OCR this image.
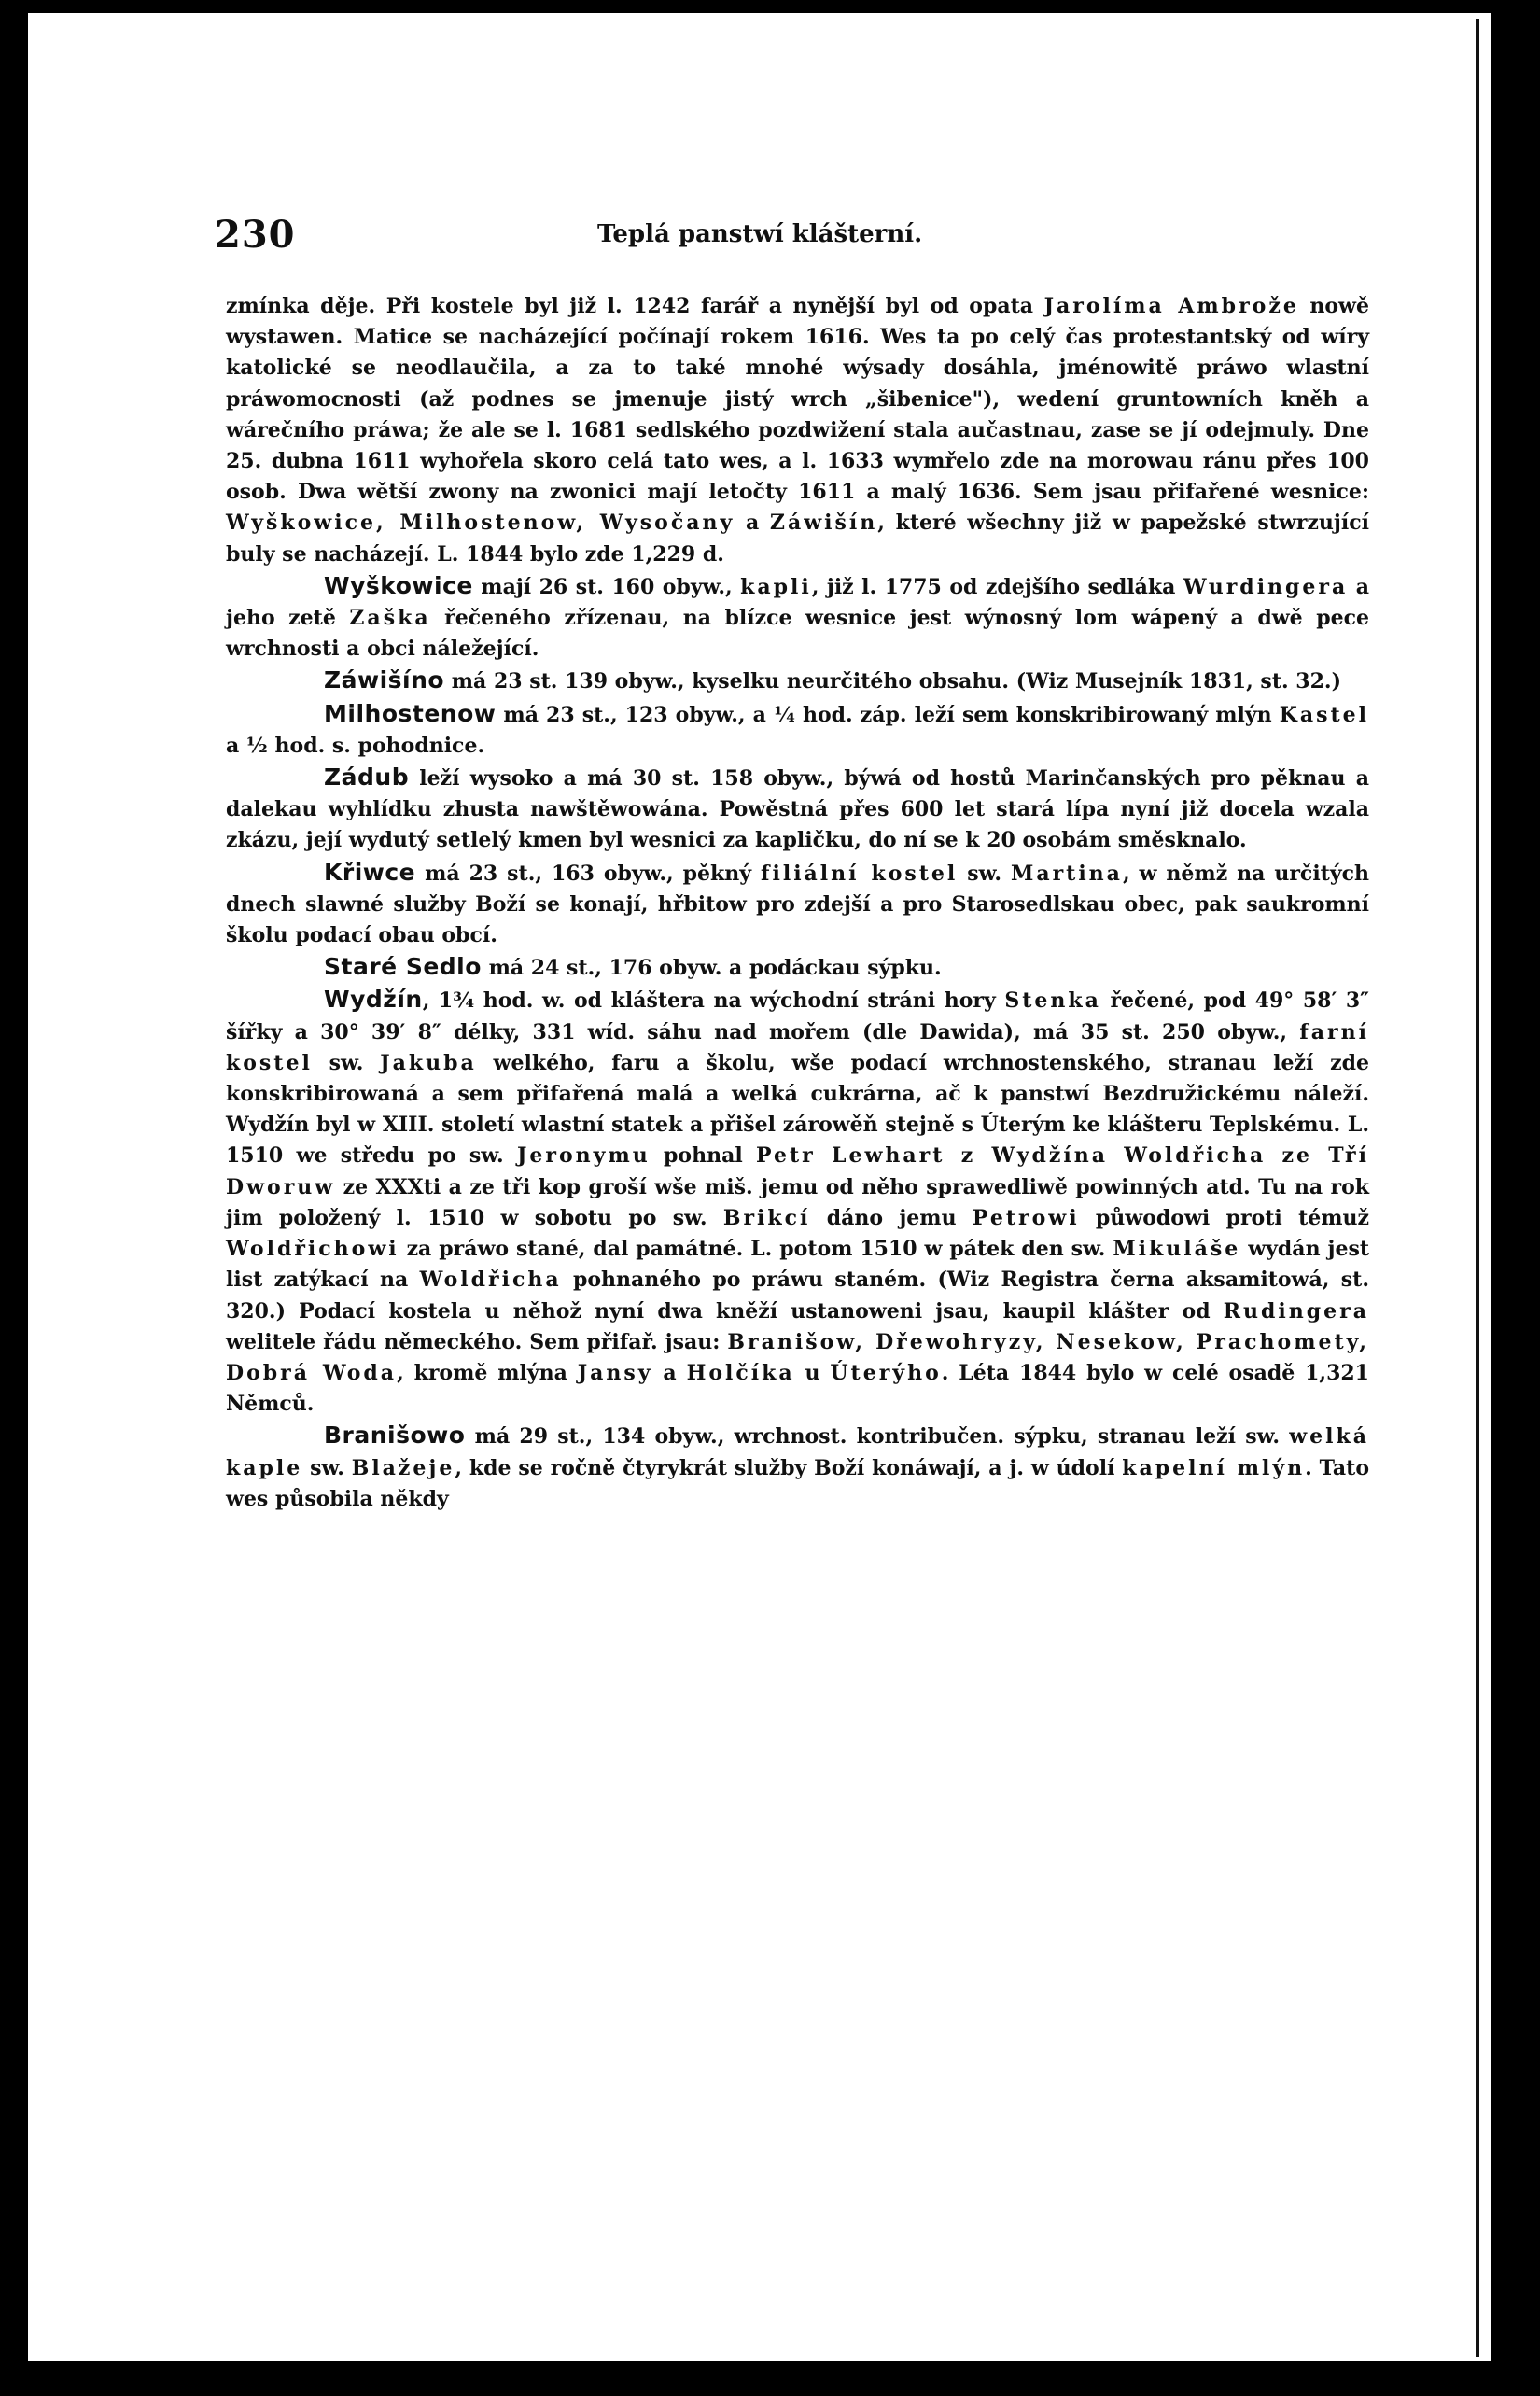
230	Teplá panstwí klášterní.

zmínka děje. Při kostele byl již l. 1242 farář a nynější byl od opata Jarolíma Ambrože nowě wystawen. Matice se nacházející počínají rokem 1616. Wes ta po celý čas protestantský od wíry katolické se neodlaučila, a za to také mnohé wýsady dosáhla, jménowitě práwo wlastní práwomocnosti (až podnes se jmenuje jistý wrch „šibenice"), wedení gruntowních kněh a wárečního práwa; že ale se l. 1681 sedlského pozdwižení stala aučastnau, zase se jí odejmuly. Dne 25. dubna 1611 wyhořela skoro celá tato wes, a l. 1633 wymřelo zde na morowau ránu přes 100 osob. Dwa wětší zwony na zwonici mají letočty 1611 a malý 1636. Sem jsau přifařené wesnice: Wyškowice, Milhostenow, Wysočany a Záwišín, které wšechny již w papežské stwrzující buly se nacházejí. L. 1844 bylo zde 1,229 d.

Wyškowice mají 26 st. 160 obyw., kapli, již l. 1775 od zdejšího sedláka Wurdingera a jeho zetě Zaška řečeného zřízenau, na blízce wesnice jest wýnosný lom wápený a dwě pece wrchnosti a obci náležející.

Záwišíno má 23 st. 139 obyw., kyselku neurčitého obsahu. (Wiz Musejník 1831, st. 32.)

Milhostenow má 23 st., 123 obyw., a ¼ hod. záp. leží sem konskribirowaný mlýn Kastel a ½ hod. s. pohodnice.

Zádub leží wysoko a má 30 st. 158 obyw., býwá od hostů Marinčanských pro pěknau a dalekau wyhlídku zhusta nawštěwowána. Powěstná přes 600 let stará lípa nyní již docela wzala zkázu, její wydutý setlelý kmen byl wesnici za kapličku, do ní se k 20 osobám směsknalo.

Křiwce má 23 st., 163 obyw., pěkný filiální kostel sw. Martina, w němž na určitých dnech slawné služby Boží se konají, hřbitow pro zdejší a pro Starosedlskau obec, pak saukromní školu podací obau obcí.

Staré Sedlo má 24 st., 176 obyw. a podáckau sýpku.

Wydžín, 1¾ hod. w. od kláštera na wýchodní stráni hory Stenka řečené, pod 49° 58′ 3″ šířky a 30° 39′ 8″ délky, 331 wíd. sáhu nad mořem (dle Dawida), má 35 st. 250 obyw., farní kostel sw. Jakuba welkého, faru a školu, wše podací wrchnostenského, stranau leží zde konskribirowaná a sem přifařená malá a welká cukrárna, ač k panstwí Bezdružickému náleží. Wydžín byl w XIII. století wlastní statek a přišel zárowěň stejně s Úterým ke klášteru Teplskému. L. 1510 we středu po sw. Jeronymu pohnal Petr Lewhart z Wydžína Woldřicha ze Tří Dworuw ze XXXti a ze tři kop groší wše miš. jemu od něho sprawedliwě powinných atd. Tu na rok jim položený l. 1510 w sobotu po sw. Brikcí dáno jemu Petrowi půwodowi proti témuž Woldřichowi za práwo stané, dal památné. L. potom 1510 w pátek den sw. Mikuláše wydán jest list zatýkací na Woldřicha pohnaného po práwu staném. (Wiz Registra černa aksamitowá, st. 320.) Podací kostela u něhož nyní dwa kněží ustanoweni jsau, kaupil klášter od Rudingera welitele řádu německého. Sem přifař. jsau: Branišow, Dřewohryzy, Nesekow, Prachomety, Dobrá Woda, kromě mlýna Jansy a Holčíka u Úterýho. Léta 1844 bylo w celé osadě 1,321 Němců.

Branišowo má 29 st., 134 obyw., wrchnost. kontribučen. sýpku, stranau leží sw. welká kaple sw. Blažeje, kde se ročně čtyrykrát služby Boží konáwají, a j. w údolí kapelní mlýn. Tato wes působila někdy
